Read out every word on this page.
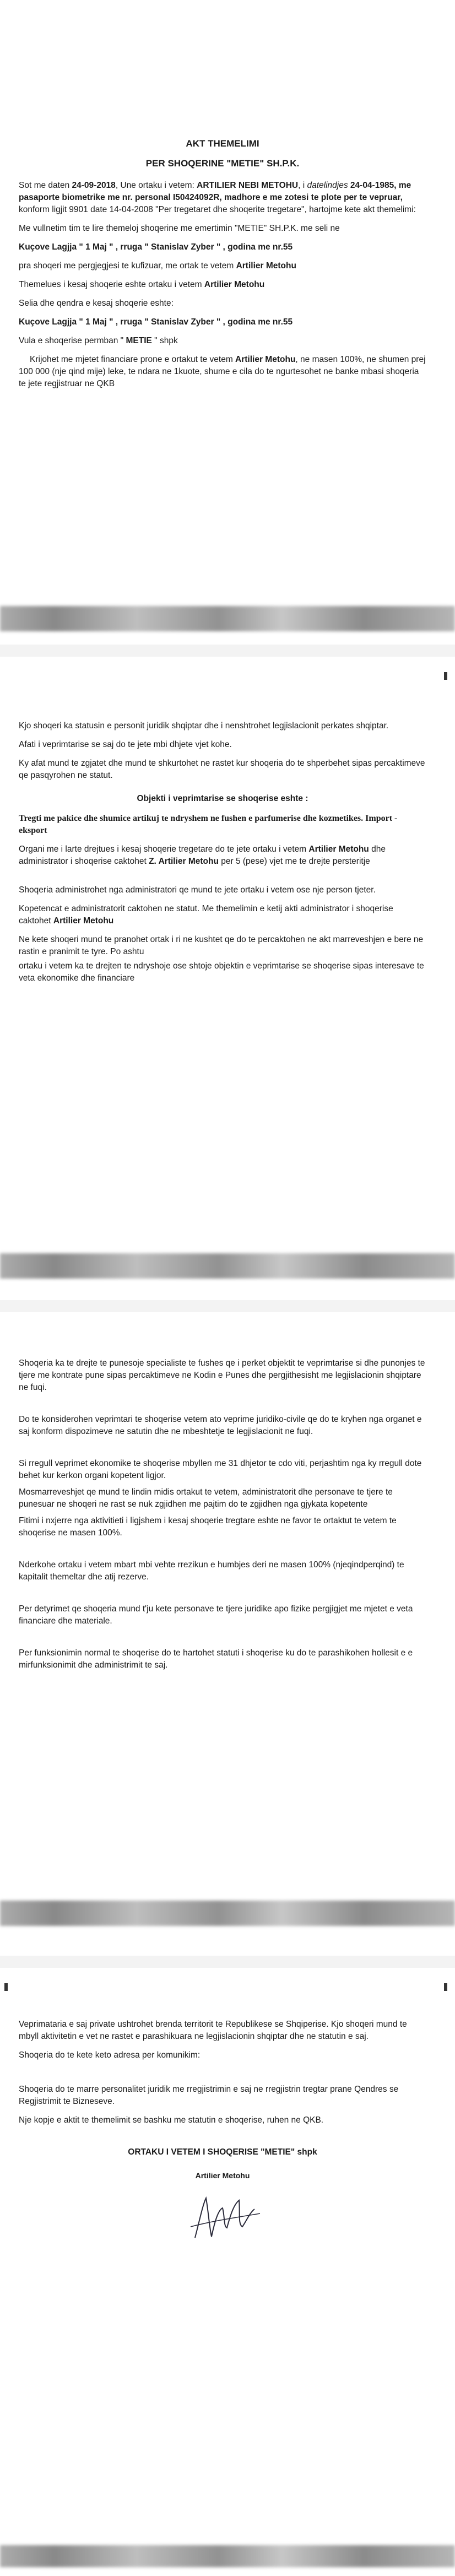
AKT THEMELIMI

PER SHOQERINE "METIE" SH.P.K.

Sot me daten 24-09-2018, Une ortaku i vetem: ARTILIER NEBI METOHU, i datelindjes 24-04-1985, me pasaporte biometrike me nr. personal I50424092R, madhore e me zotesi te plote per te vepruar, konform ligjit 9901 date 14-04-2008 "Per tregetaret dhe shoqerite tregetare", hartojme kete akt themelimi:

Me vullnetim tim te lire themeloj shoqerine me emertimin "METIE" SH.P.K. me seli ne

Kuçove Lagjja " 1 Maj " , rruga " Stanislav Zyber " , godina me nr.55

pra shoqeri me pergjegjesi te kufizuar, me ortak te vetem Artilier Metohu

Themelues i kesaj shoqerie eshte ortaku i vetem Artilier Metohu

Selia dhe qendra e kesaj shoqerie eshte:

Kuçove Lagjja " 1 Maj " , rruga " Stanislav Zyber " , godina me nr.55

Vula e shoqerise permban " METIE " shpk

Krijohet me mjetet financiare prone e ortakut te vetem Artilier Metohu, ne masen 100%, ne shumen prej 100 000 (nje qind mije) leke, te ndara ne 1kuote, shume e cila do te ngurtesohet ne banke mbasi shoqeria te jete regjistruar ne QKB

Kjo shoqeri ka statusin e personit juridik shqiptar dhe i nenshtrohet legjislacionit perkates shqiptar.

Afati i veprimtarise se saj do te jete mbi dhjete vjet kohe.

Ky afat mund te zgjatet dhe mund te shkurtohet ne rastet kur shoqeria do te shperbehet sipas percaktimeve qe pasqyrohen ne statut.

Objekti i veprimtarise se shoqerise eshte :

Tregti me pakice dhe shumice artikuj te ndryshem ne fushen e parfumerise dhe kozmetikes. Import - eksport

Organi me i larte drejtues i kesaj shoqerie tregetare do te jete ortaku i vetem Artilier Metohu dhe administrator i shoqerise caktohet Z. Artilier Metohu per 5 (pese) vjet me te drejte persteritje

Shoqeria administrohet nga administratori qe mund te jete ortaku i vetem ose nje person tjeter.

Kopetencat e administratorit caktohen ne statut. Me themelimin e ketij akti administrator i shoqerise caktohet Artilier Metohu

Ne kete shoqeri mund te pranohet ortak i ri ne kushtet qe do te percaktohen ne akt marreveshjen e bere ne rastin e pranimit te tyre. Po ashtu

ortaku i vetem ka te drejten te ndryshoje ose shtoje objektin e veprimtarise se shoqerise sipas interesave te veta ekonomike dhe financiare

Shoqeria ka te drejte te punesoje specialiste te fushes qe i perket objektit te veprimtarise si dhe punonjes te tjere me kontrate pune sipas percaktimeve ne Kodin e Punes dhe pergjithesisht me legjislacionin shqiptare ne fuqi.

Do te konsiderohen veprimtari te shoqerise vetem ato veprime juridiko-civile qe do te kryhen nga organet e saj konform dispozimeve ne satutin dhe ne mbeshtetje te legjislacionit ne fuqi.

Si rregull veprimet ekonomike te shoqerise mbyllen me 31 dhjetor te cdo viti, perjashtim nga ky rregull dote behet kur kerkon organi kopetent ligjor.

Mosmarreveshjet qe mund te lindin midis ortakut te vetem, administratorit dhe personave te tjere te punesuar ne shoqeri ne rast se nuk zgjidhen me pajtim do te zgjidhen nga gjykata kopetente

Fitimi i nxjerre nga aktivitieti i ligjshem i kesaj shoqerie tregtare eshte ne favor te ortaktut te vetem te shoqerise ne masen 100%.

Nderkohe ortaku i vetem mbart mbi vehte rrezikun e humbjes deri ne masen 100% (njeqindperqind) te kapitalit themeltar dhe atij rezerve.

Per detyrimet qe shoqeria mund t'ju kete personave te tjere juridike apo fizike pergjigjet me mjetet e veta financiare dhe materiale.

Per funksionimin normal te shoqerise do te hartohet statuti i shoqerise ku do te parashikohen hollesit e e mirfunksionimit dhe administrimit te saj.

Veprimataria e saj private ushtrohet brenda territorit te Republikese se Shqiperise. Kjo shoqeri mund te mbyll aktivitetin e vet ne rastet e parashikuara ne legjislacionin shqiptar dhe ne statutin e saj.

Shoqeria do te kete keto adresa per komunikim:

Shoqeria do te marre personalitet juridik me rregjistrimin e saj ne rregjistrin tregtar prane Qendres se Regjistrimit te Bizneseve.

Nje kopje e aktit te themelimit se bashku me statutin e shoqerise, ruhen ne QKB.

ORTAKU I VETEM I SHOQERISE "METIE" shpk

Artilier Metohu
